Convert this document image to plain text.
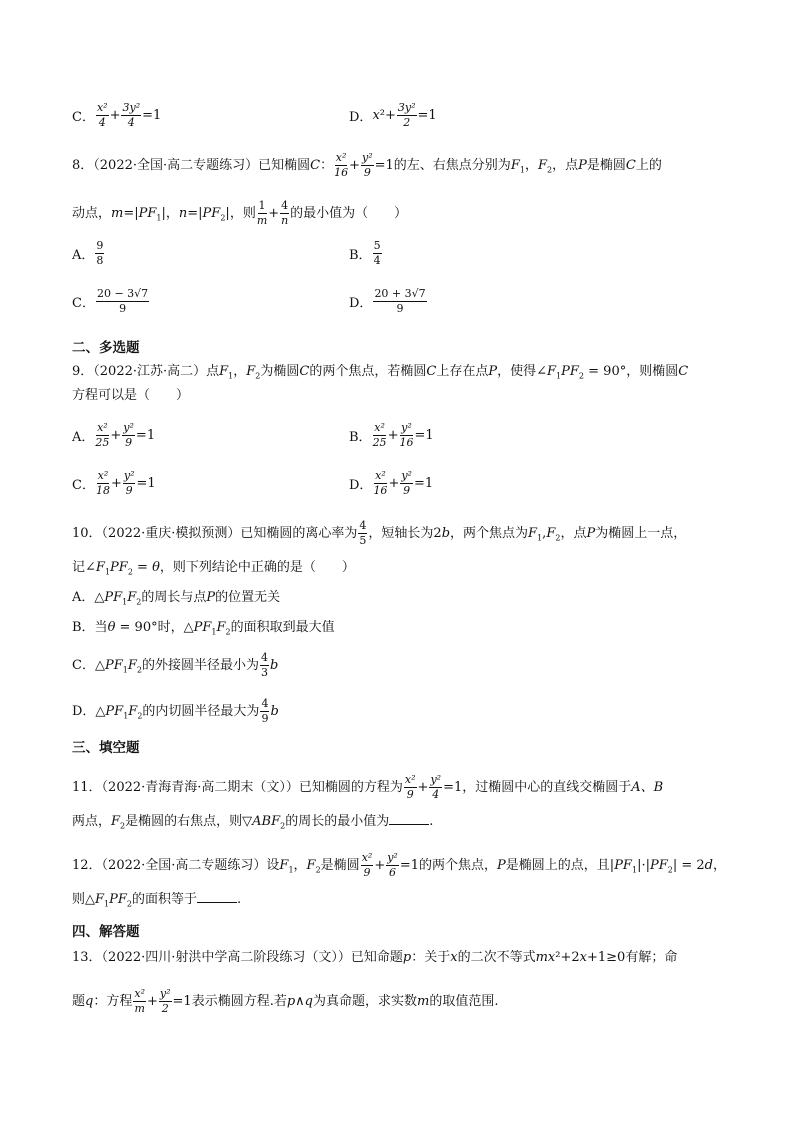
C．
x²
4 +
3y²
4 =1	D． x ²+
3y²
2 =1
8．（2022·全国·高二专题练习）已知椭圆C： $\frac{\text{x²}}{16} + \frac{\text{y²}}{9} =1$的左、右焦点分别为$F_1$，$F_2$，点P是椭圆C上的
动点，$m=|PF_1|$，$n=|PF_2|$，则 $\frac{1}{m} + \frac{4}{n}$ 的最小值为（　　）
A．
9
8	B．
5
4
C．
20 − 3√7
9	D．
20 + 3√7
9
二、多选题
9．（2022·江苏·高二）点$F_1$，$F_2$为椭圆C的两个焦点，若椭圆C上存在点P，使得$\angle F_1PF_2 = 90^\circ$，则椭圆C
方程可以是（　　）
A．
x²
25 +
y²
9 =1	B．
x²
25 +
y²
16 =1
C．
x²
18 +
y²
9 =1	D．
x²
16 +
y²
9 =1
10．（2022·重庆·模拟预测）已知椭圆的离心率为 $\frac{4}{5}$ ，短轴长为2b，两个焦点为$F_1,F_2$，点P为椭圆上一点，
记$\angle F_1PF_2 = \theta$，则下列结论中正确的是（　　）
A．$\triangle PF_1F_2$的周长与点P的位置无关
B．当θ = 90°时，$\triangle PF_1F_2$的面积取到最大值
C．$\triangle PF_1F_2$的外接圆半径最小为 $\frac{4}{3}$ b
D．$\triangle PF_1F_2$的内切圆半径最大为 $\frac{4}{9}$ b
三、填空题
11．（2022·青海青海·高二期末（文））已知椭圆的方程为 $\frac{\text{x²}}{9} + \frac{\text{y²}}{4} =1$，过椭圆中心的直线交椭圆于A、B
两点，$F_2$是椭圆的右焦点，则$▽ABF_2$的周长的最小值为	.
12．（2022·全国·高二专题练习）设$F_1$，$F_2$是椭圆 $\frac{\text{x²}}{9} + \frac{\text{y²}}{6} =1$的两个焦点，P是椭圆上的点，且$|PF_1|\cdot|PF_2| = 2d$，
则$\triangle F_1PF_2$的面积等于	.
四、解答题
13．（2022·四川·射洪中学高二阶段练习（文））已知命题p：关于x的二次不等式mx²+2x+1≥0有解；命
题q：方程 $\frac{\text{x²}}{m} + \frac{\text{y²}}{2} =1$表示椭圆方程.若p∧q为真命题，求实数m的取值范围.
